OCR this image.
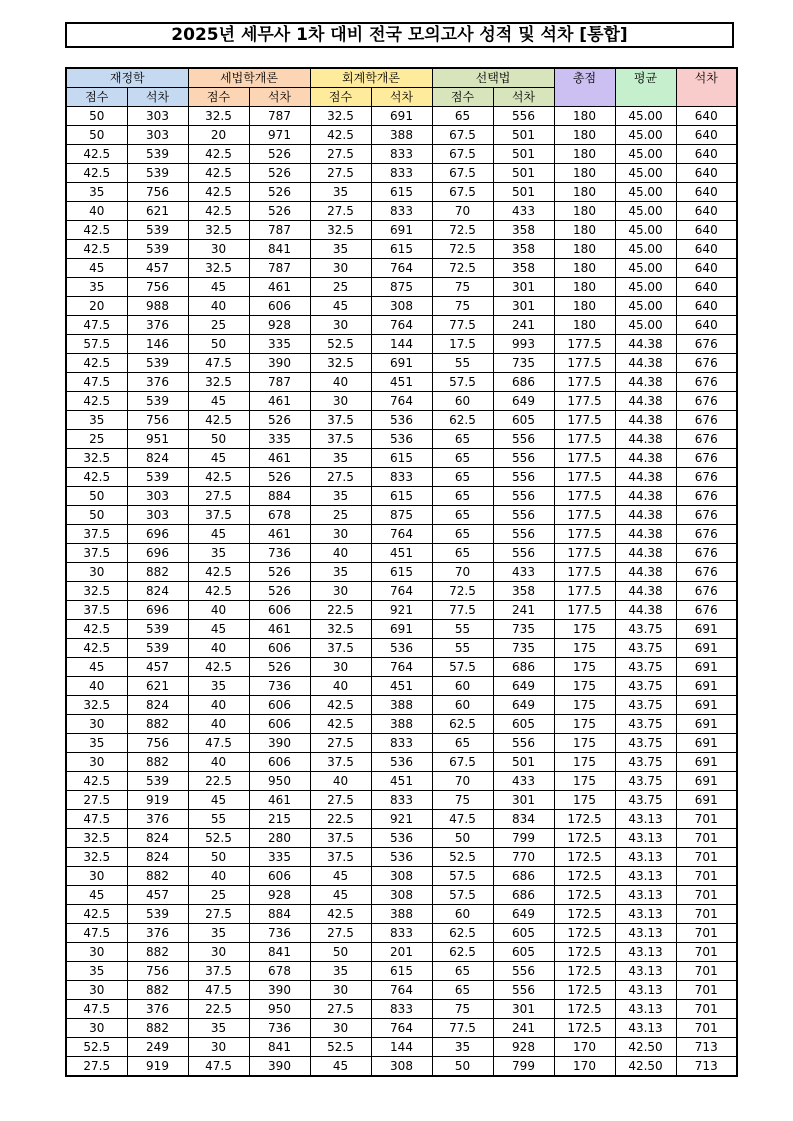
2025년 세무사 1차 대비 전국 모의고사 성적 및 석차 [통합]
재정학		세법학개론		회계학개론		선택법		총점	평균	석차
점수	석차	점수	석차	점수	석차	점수	석차			
50	303	32.5	787	32.5	691	65	556	180	45.00	640
50	303	20	971	42.5	388	67.5	501	180	45.00	640
42.5	539	42.5	526	27.5	833	67.5	501	180	45.00	640
42.5	539	42.5	526	27.5	833	67.5	501	180	45.00	640
35	756	42.5	526	35	615	67.5	501	180	45.00	640
40	621	42.5	526	27.5	833	70	433	180	45.00	640
42.5	539	32.5	787	32.5	691	72.5	358	180	45.00	640
42.5	539	30	841	35	615	72.5	358	180	45.00	640
45	457	32.5	787	30	764	72.5	358	180	45.00	640
35	756	45	461	25	875	75	301	180	45.00	640
20	988	40	606	45	308	75	301	180	45.00	640
47.5	376	25	928	30	764	77.5	241	180	45.00	640
57.5	146	50	335	52.5	144	17.5	993	177.5	44.38	676
42.5	539	47.5	390	32.5	691	55	735	177.5	44.38	676
47.5	376	32.5	787	40	451	57.5	686	177.5	44.38	676
42.5	539	45	461	30	764	60	649	177.5	44.38	676
35	756	42.5	526	37.5	536	62.5	605	177.5	44.38	676
25	951	50	335	37.5	536	65	556	177.5	44.38	676
32.5	824	45	461	35	615	65	556	177.5	44.38	676
42.5	539	42.5	526	27.5	833	65	556	177.5	44.38	676
50	303	27.5	884	35	615	65	556	177.5	44.38	676
50	303	37.5	678	25	875	65	556	177.5	44.38	676
37.5	696	45	461	30	764	65	556	177.5	44.38	676
37.5	696	35	736	40	451	65	556	177.5	44.38	676
30	882	42.5	526	35	615	70	433	177.5	44.38	676
32.5	824	42.5	526	30	764	72.5	358	177.5	44.38	676
37.5	696	40	606	22.5	921	77.5	241	177.5	44.38	676
42.5	539	45	461	32.5	691	55	735	175	43.75	691
42.5	539	40	606	37.5	536	55	735	175	43.75	691
45	457	42.5	526	30	764	57.5	686	175	43.75	691
40	621	35	736	40	451	60	649	175	43.75	691
32.5	824	40	606	42.5	388	60	649	175	43.75	691
30	882	40	606	42.5	388	62.5	605	175	43.75	691
35	756	47.5	390	27.5	833	65	556	175	43.75	691
30	882	40	606	37.5	536	67.5	501	175	43.75	691
42.5	539	22.5	950	40	451	70	433	175	43.75	691
27.5	919	45	461	27.5	833	75	301	175	43.75	691
47.5	376	55	215	22.5	921	47.5	834	172.5	43.13	701
32.5	824	52.5	280	37.5	536	50	799	172.5	43.13	701
32.5	824	50	335	37.5	536	52.5	770	172.5	43.13	701
30	882	40	606	45	308	57.5	686	172.5	43.13	701
45	457	25	928	45	308	57.5	686	172.5	43.13	701
42.5	539	27.5	884	42.5	388	60	649	172.5	43.13	701
47.5	376	35	736	27.5	833	62.5	605	172.5	43.13	701
30	882	30	841	50	201	62.5	605	172.5	43.13	701
35	756	37.5	678	35	615	65	556	172.5	43.13	701
30	882	47.5	390	30	764	65	556	172.5	43.13	701
47.5	376	22.5	950	27.5	833	75	301	172.5	43.13	701
30	882	35	736	30	764	77.5	241	172.5	43.13	701
52.5	249	30	841	52.5	144	35	928	170	42.50	713
27.5	919	47.5	390	45	308	50	799	170	42.50	713
